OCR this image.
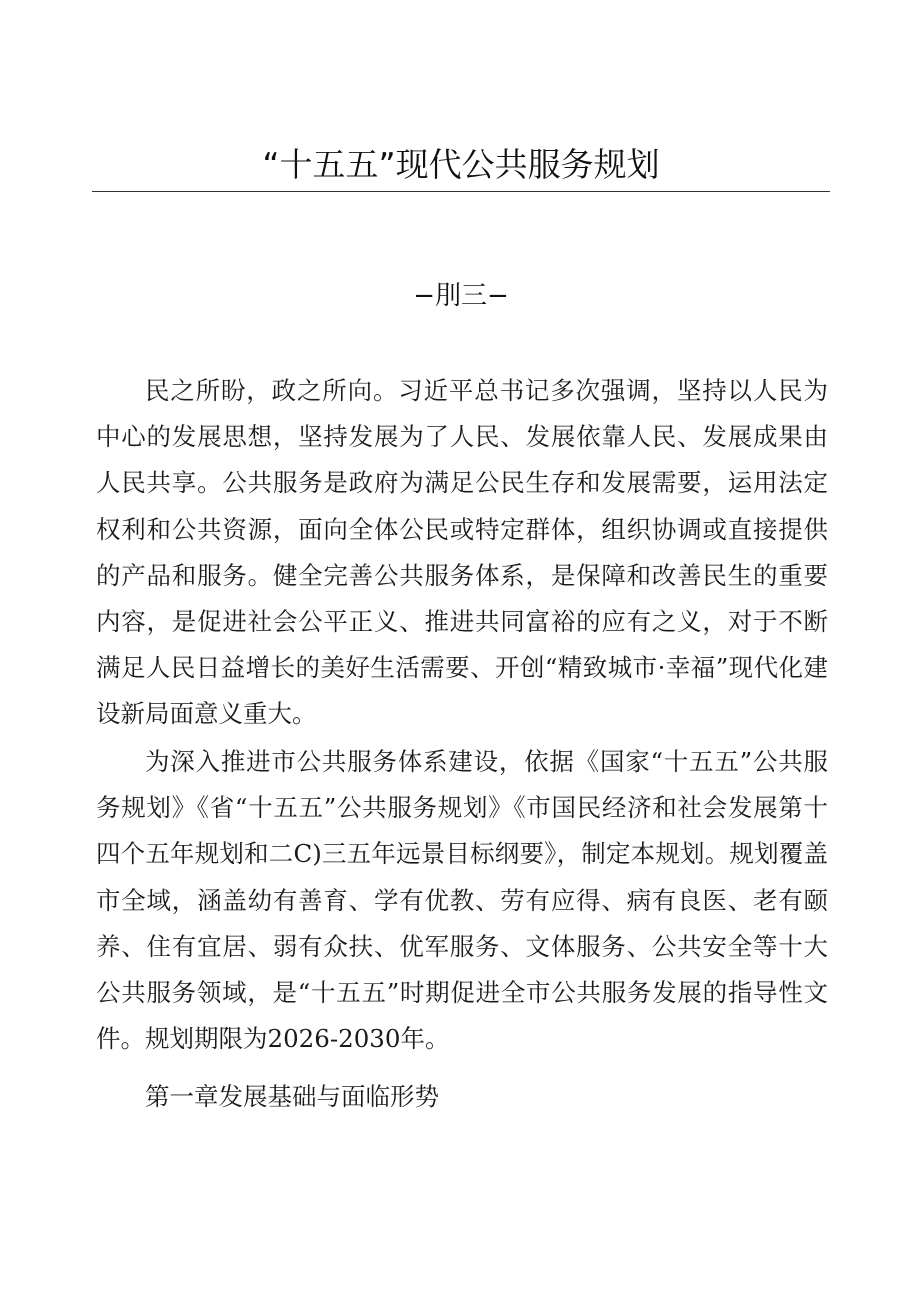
“十五五”现代公共服务规划
−刖三−

民之所盼，政之所向。习近平总书记多次强调，坚持以人民为中心的发展思想，坚持发展为了人民、发展依靠人民、发展成果由人民共享。公共服务是政府为满足公民生存和发展需要，运用法定权利和公共资源，面向全体公民或特定群体，组织协调或直接提供的产品和服务。健全完善公共服务体系，是保障和改善民生的重要内容，是促进社会公平正义、推进共同富裕的应有之义，对于不断满足人民日益增长的美好生活需要、开创“精致城市·幸福”现代化建设新局面意义重大。

为深入推进市公共服务体系建设，依据《国家“十五五”公共服务规划》《省“十五五”公共服务规划》《市国民经济和社会发展第十四个五年规划和二C)三五年远景目标纲要》，制定本规划。规划覆盖市全域，涵盖幼有善育、学有优教、劳有应得、病有良医、老有颐养、住有宜居、弱有众扶、优军服务、文体服务、公共安全等十大公共服务领域，是“十五五”时期促进全市公共服务发展的指导性文件。规划期限为2026-2030年。

第一章发展基础与面临形势
